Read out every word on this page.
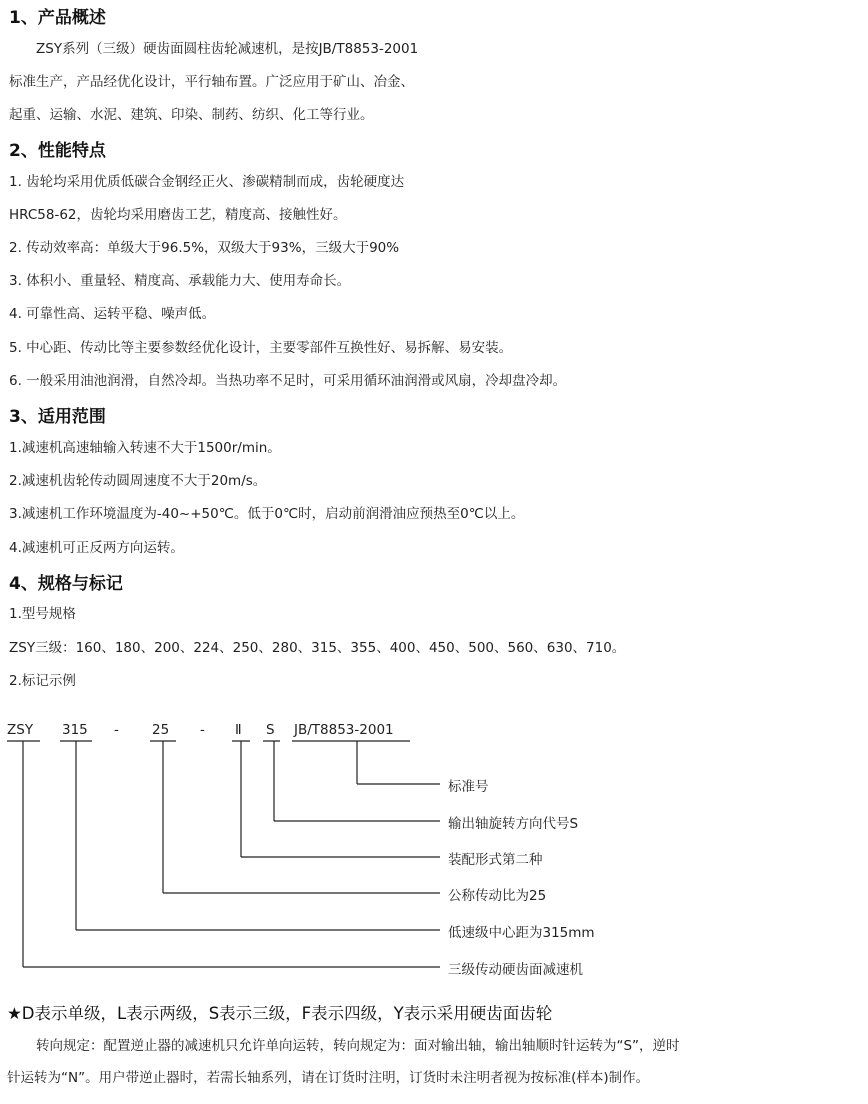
1、产品概述
ZSY系列（三级）硬齿面圆柱齿轮减速机，是按JB/T8853-2001
标准生产，产品经优化设计，平行轴布置。广泛应用于矿山、冶金、
起重、运输、水泥、建筑、印染、制药、纺织、化工等行业。
2、性能特点
1. 齿轮均采用优质低碳合金钢经正火、渗碳精制而成，齿轮硬度达
HRC58-62，齿轮均采用磨齿工艺，精度高、接触性好。
2. 传动效率高：单级大于96.5%，双级大于93%，三级大于90%
3. 体积小、重量轻、精度高、承载能力大、使用寿命长。
4. 可靠性高、运转平稳、噪声低。
5. 中心距、传动比等主要参数经优化设计，主要零部件互换性好、易拆解、易安装。
6. 一般采用油池润滑，自然冷却。当热功率不足时，可采用循环油润滑或风扇，冷却盘冷却。
3、适用范围
1.减速机高速轴输入转速不大于1500r/min。
2.减速机齿轮传动圆周速度不大于20m/s。
3.减速机工作环境温度为-40~+50℃。低于0℃时，启动前润滑油应预热至0℃以上。
4.减速机可正反两方向运转。
4、规格与标记
1.型号规格
ZSY三级：160、180、200、224、250、280、315、355、400、450、500、560、630、710。
2.标记示例
ZSY 315 - 25 - Ⅱ S JB/T8853-2001
标准号
输出轴旋转方向代号S
装配形式第二种
公称传动比为25
低速级中心距为315mm
三级传动硬齿面减速机
★D表示单级，L表示两级，S表示三级，F表示四级，Y表示采用硬齿面齿轮
转向规定：配置逆止器的减速机只允许单向运转，转向规定为：面对输出轴，输出轴顺时针运转为“S”，逆时
针运转为“N”。用户带逆止器时，若需长轴系列，请在订货时注明，订货时未注明者视为按标准(样本)制作。
